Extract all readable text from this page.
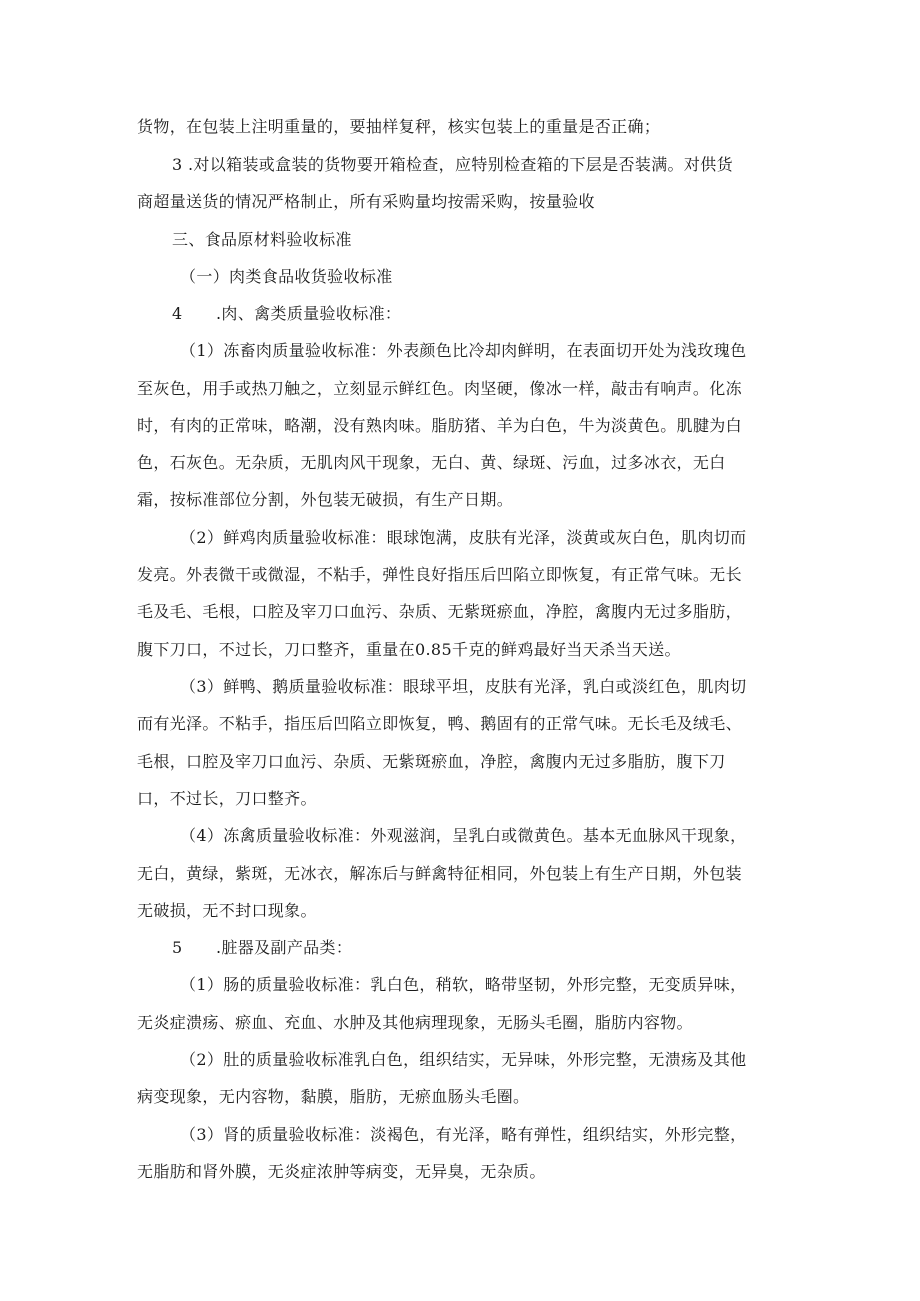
货物，在包装上注明重量的，要抽样复秤，核实包装上的重量是否正确；
3 .对以箱装或盒装的货物要开箱检查，应特别检查箱的下层是否装满。对供货
商超量送货的情况严格制止，所有采购量均按需采购，按量验收
三、食品原材料验收标准
（一）肉类食品收货验收标准
4 .肉、禽类质量验收标准：
（1）冻畜肉质量验收标准：外表颜色比冷却肉鲜明，在表面切开处为浅玫瑰色
至灰色，用手或热刀触之，立刻显示鲜红色。肉坚硬，像冰一样，敲击有响声。化冻
时，有肉的正常味，略潮，没有熟肉味。脂肪猪、羊为白色，牛为淡黄色。肌腱为白
色，石灰色。无杂质，无肌肉风干现象，无白、黄、绿斑、污血，过多冰衣，无白
霜，按标准部位分割，外包装无破损，有生产日期。
（2）鲜鸡肉质量验收标准：眼球饱满，皮肤有光泽，淡黄或灰白色，肌肉切而
发亮。外表微干或微湿，不粘手，弹性良好指压后凹陷立即恢复，有正常气味。无长
毛及毛、毛根，口腔及宰刀口血污、杂质、无紫斑瘀血，净腔，禽腹内无过多脂肪，
腹下刀口，不过长，刀口整齐，重量在0.85千克的鲜鸡最好当天杀当天送。
（3）鲜鸭、鹅质量验收标准：眼球平坦，皮肤有光泽，乳白或淡红色，肌肉切
而有光泽。不粘手，指压后凹陷立即恢复，鸭、鹅固有的正常气味。无长毛及绒毛、
毛根，口腔及宰刀口血污、杂质、无紫斑瘀血，净腔，禽腹内无过多脂肪，腹下刀
口，不过长，刀口整齐。
（4）冻禽质量验收标准：外观滋润，呈乳白或微黄色。基本无血脉风干现象，
无白，黄绿，紫斑，无冰衣，解冻后与鲜禽特征相同，外包装上有生产日期，外包装
无破损，无不封口现象。
5 .脏器及副产品类：
（1）肠的质量验收标准：乳白色，稍软，略带坚韧，外形完整，无变质异味，
无炎症溃疡、瘀血、充血、水肿及其他病理现象，无肠头毛圈，脂肪内容物。
（2）肚的质量验收标准乳白色，组织结实，无异味，外形完整，无溃疡及其他
病变现象，无内容物，黏膜，脂肪，无瘀血肠头毛圈。
（3）肾的质量验收标准：淡褐色，有光泽，略有弹性，组织结实，外形完整，
无脂肪和肾外膜，无炎症浓肿等病变，无异臭，无杂质。
